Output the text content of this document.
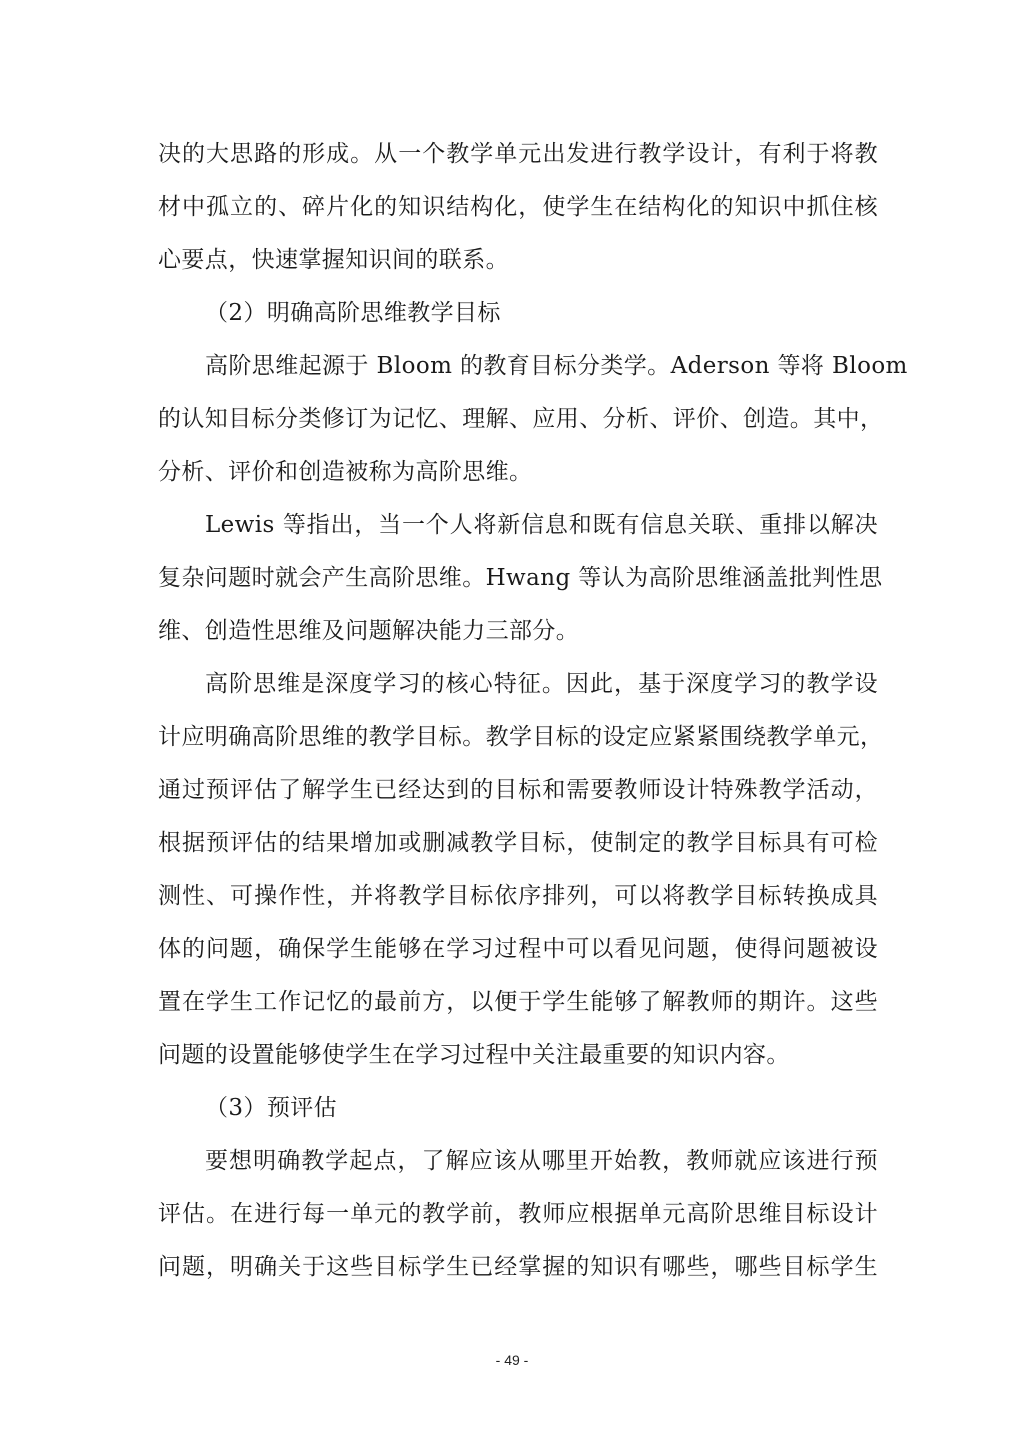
决的大思路的形成。从一个教学单元出发进行教学设计，有利于将教
材中孤立的、碎片化的知识结构化，使学生在结构化的知识中抓住核
心要点，快速掌握知识间的联系。
（2）明确高阶思维教学目标
高阶思维起源于 Bloom 的教育目标分类学。Aderson 等将 Bloom
的认知目标分类修订为记忆、理解、应用、分析、评价、创造。其中，
分析、评价和创造被称为高阶思维。
Lewis 等指出，当一个人将新信息和既有信息关联、重排以解决
复杂问题时就会产生高阶思维。Hwang 等认为高阶思维涵盖批判性思
维、创造性思维及问题解决能力三部分。
高阶思维是深度学习的核心特征。因此，基于深度学习的教学设
计应明确高阶思维的教学目标。教学目标的设定应紧紧围绕教学单元，
通过预评估了解学生已经达到的目标和需要教师设计特殊教学活动，
根据预评估的结果增加或删减教学目标，使制定的教学目标具有可检
测性、可操作性，并将教学目标依序排列，可以将教学目标转换成具
体的问题，确保学生能够在学习过程中可以看见问题，使得问题被设
置在学生工作记忆的最前方，以便于学生能够了解教师的期许。这些
问题的设置能够使学生在学习过程中关注最重要的知识内容。
（3）预评估
要想明确教学起点，了解应该从哪里开始教，教师就应该进行预
评估。在进行每一单元的教学前，教师应根据单元高阶思维目标设计
问题，明确关于这些目标学生已经掌握的知识有哪些，哪些目标学生
- 49 -
